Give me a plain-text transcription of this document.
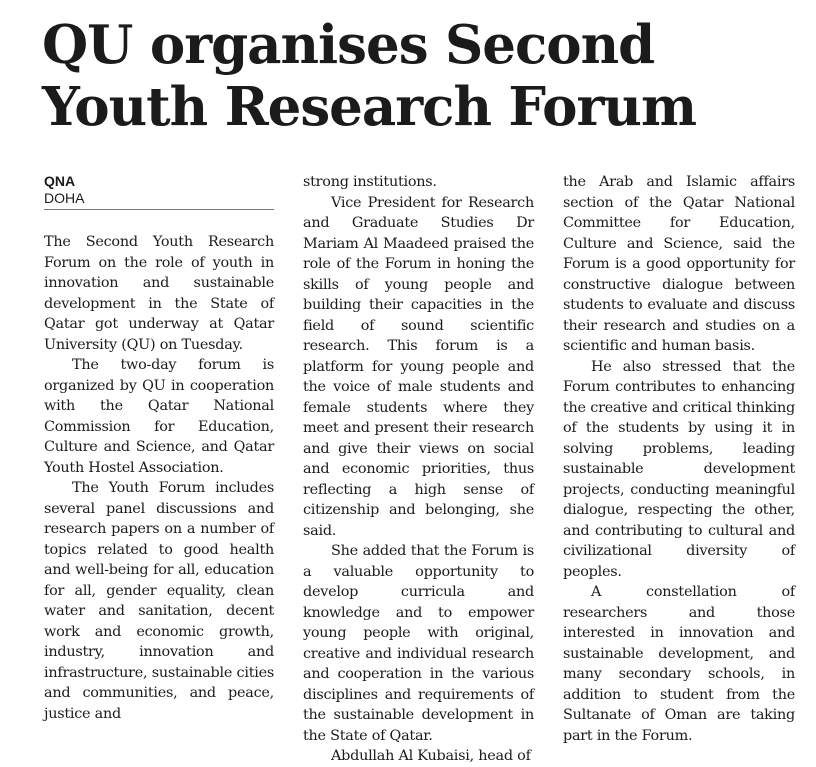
QU organises Second
Youth Research Forum
QNA
DOHA

The Second Youth Research Forum on the role of youth in innovation and sustainable development in the State of Qatar got underway at Qatar University (QU) on Tuesday.

The two-day forum is organized by QU in cooperation with the Qatar National Commission for Education, Culture and Science, and Qatar Youth Hostel Association.

The Youth Forum includes several panel discussions and research papers on a number of topics related to good health and well-being for all, education for all, gender equality, clean water and sanitation, decent work and economic growth, industry, innovation and infrastructure, sustainable cities and communities, and peace, justice and

strong institutions.

Vice President for Research and Graduate Studies Dr Mariam Al Maadeed praised the role of the Forum in honing the skills of young people and building their capacities in the field of sound scientific research. This forum is a platform for young people and the voice of male students and female students where they meet and present their research and give their views on social and economic priorities, thus reflecting a high sense of citizenship and belonging, she said.

She added that the Forum is a valuable opportunity to develop curricula and knowledge and to empower young people with original, creative and individual research and cooperation in the various disciplines and requirements of the sustainable development in the State of Qatar.

Abdullah Al Kubaisi, head of

the Arab and Islamic affairs section of the Qatar National Committee for Education, Culture and Science, said the Forum is a good opportunity for constructive dialogue between students to evaluate and discuss their research and studies on a scientific and human basis.

He also stressed that the Forum contributes to enhancing the creative and critical thinking of the students by using it in solving problems, leading sustainable development projects, conducting meaningful dialogue, respecting the other, and contributing to cultural and civilizational diversity of peoples.

A constellation of researchers and those interested in innovation and sustainable development, and many secondary schools, in addition to student from the Sultanate of Oman are taking part in the Forum.
